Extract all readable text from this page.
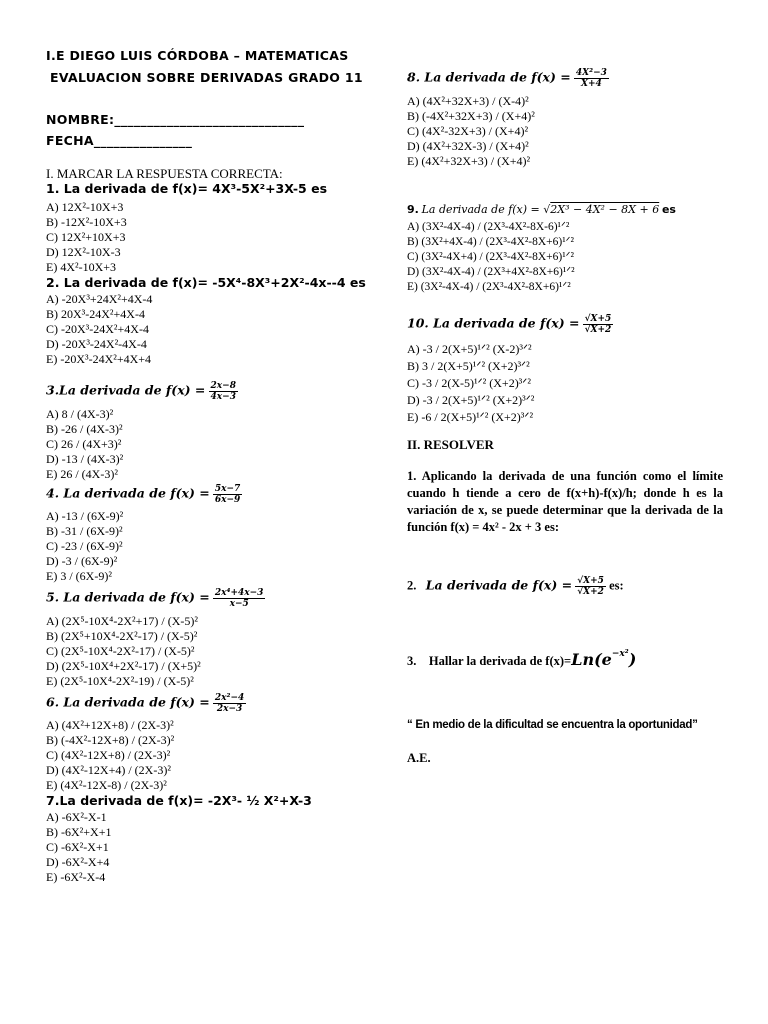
I.E DIEGO LUIS CÓRDOBA – MATEMATICAS
EVALUACION SOBRE DERIVADAS GRADO 11
NOMBRE:_____________________________
FECHA_______________
I. MARCAR LA RESPUESTA CORRECTA:
1. La derivada de f(x)= 4X³-5X²+3X-5 es
A) 12X²-10X+3
B) -12X²-10X+3
C) 12X²+10X+3
D) 12X²-10X-3
E) 4X²-10X+3
2. La derivada de f(x)= -5X⁴-8X³+2X²-4x--4 es
A) -20X³+24X²+4X-4
B) 20X³-24X²+4X-4
C) -20X³-24X²+4X-4
D) -20X³-24X²-4X-4
E) -20X³-24X²+4X+4
3.La derivada de $f(x) = \frac{2x-8}{4x-3}$
A) 8 / (4X-3)²
B) -26 / (4X-3)²
C) 26 / (4X+3)²
D) -13 / (4X-3)²
E) 26 / (4X-3)²
4. La derivada de $f(x) = \frac{5x-7}{6x-9}$
A) -13 / (6X-9)²
B) -31 / (6X-9)²
C) -23 / (6X-9)²
D) -3 / (6X-9)²
E) 3 / (6X-9)²
5. La derivada de $f(x) = \frac{\text{2x⁴+4x−3}}{x-5}$
A) (2X⁵-10X⁴-2X²+17) / (X-5)²
B) (2X⁵+10X⁴-2X²-17) / (X-5)²
C) (2X⁵-10X⁴-2X²-17) / (X-5)²
D) (2X⁵-10X⁴+2X²-17) / (X+5)²
E) (2X⁵-10X⁴-2X²-19) / (X-5)²
6. La derivada de $f(x) = \frac{\text{2x²−4}}{2x-3}$
A) (4X²+12X+8) / (2X-3)²
B) (-4X²-12X+8) / (2X-3)²
C) (4X²-12X+8) / (2X-3)²
D) (4X²-12X+4) / (2X-3)²
E) (4X²-12X-8) / (2X-3)²
7.La derivada de f(x)= -2X³- ½ X²+X-3
A) -6X²-X-1
B) -6X²+X+1
C) -6X²-X+1
D) -6X²-X+4
E) -6X²-X-4
8. La derivada de $f(x) = \frac{\text{4X²−3}}{X+4}$
A) (4X²+32X+3) / (X-4)²
B) (-4X²+32X+3) / (X+4)²
C) (4X²-32X+3) / (X+4)²
D) (4X²+32X-3) / (X+4)²
E) (4X²+32X+3) / (X+4)²
9. La derivada de f(x) = √2X³ − 4X² − 8X + 6 es
A) (3X²-4X-4) / (2X³-4X²-8X-6)¹ᐟ²
B) (3X²+4X-4) / (2X³-4X²-8X+6)¹ᐟ²
C) (3X²-4X+4) / (2X³-4X²-8X+6)¹ᐟ²
D) (3X²-4X-4) / (2X³+4X²-8X+6)¹ᐟ²
E) (3X²-4X-4) / (2X³-4X²-8X+6)¹ᐟ²
10. La derivada de $f(x) = \frac{√X+5}{√X+2}$
A) -3 / 2(X+5)¹ᐟ² (X-2)³ᐟ²
B) 3 / 2(X+5)¹ᐟ² (X+2)³ᐟ²
C) -3 / 2(X-5)¹ᐟ² (X+2)³ᐟ²
D) -3 / 2(X+5)¹ᐟ² (X+2)³ᐟ²
E) -6 / 2(X+5)¹ᐟ² (X+2)³ᐟ²
II. RESOLVER
1. Aplicando la derivada de una función como el límite cuando h tiende a cero de f(x+h)-f(x)/h; donde h es la variación de x, se puede determinar que la derivada de la función f(x) = 4x² - 2x + 3 es:
2. La derivada de $f(x) = \frac{√X+5}{√X+2}$ es:
3. Hallar la derivada de $f(x)=Ln(e^{-x^2})$
“ En medio de la dificultad se encuentra la oportunidad”
A.E.
